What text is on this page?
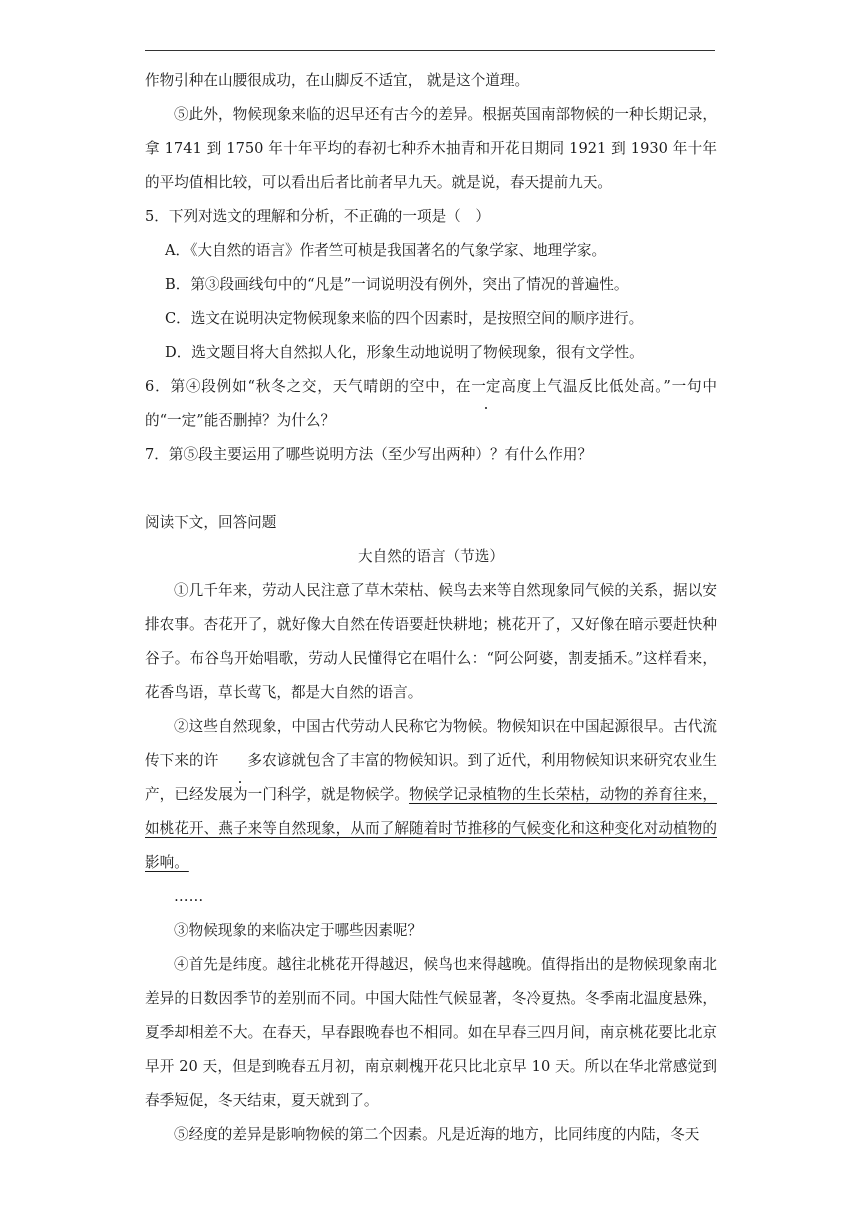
作物引种在山腰很成功，在山脚反不适宜， 就是这个道理。

⑤此外，物候现象来临的迟早还有古今的差异。根据英国南部物候的一种长期记录，拿 1741 到 1750 年十年平均的春初七种乔木抽青和开花日期同 1921 到 1930 年十年的平均值相比较，可以看出后者比前者早九天。就是说，春天提前九天。

5．下列对选文的理解和分析，不正确的一项是（　）

A．《大自然的语言》作者竺可桢是我国著名的气象学家、地理学家。

B．第③段画线句中的“凡是”一词说明没有例外，突出了情况的普遍性。

C．选文在说明决定物候现象来临的四个因素时，是按照空间的顺序进行。

D．选文题目将大自然拟人化，形象生动地说明了物候现象，很有文学性。

6．第④段例如“秋冬之交，天气晴朗的空中，在一定高度上气温反比低处高。”一句中的“一定”能否删掉？为什么？

7．第⑤段主要运用了哪些说明方法（至少写出两种）？有什么作用？

阅读下文，回答问题

大自然的语言（节选）

①几千年来，劳动人民注意了草木荣枯、候鸟去来等自然现象同气候的关系，据以安排农事。杏花开了，就好像大自然在传语要赶快耕地；桃花开了，又好像在暗示要赶快种谷子。布谷鸟开始唱歌，劳动人民懂得它在唱什么：“阿公阿婆，割麦插禾。”这样看来，花香鸟语，草长莺飞，都是大自然的语言。

②这些自然现象，中国古代劳动人民称它为物候。物候知识在中国起源很早。古代流传下来的许 多农谚就包含了丰富的物候知识。到了近代，利用物候知识来研究农业生产，已经发展为一门科学，就是物候学。物候学记录植物的生长荣枯，动物的养育往来，如桃花开、燕子来等自然现象，从而了解随着时节推移的气候变化和这种变化对动植物的影响。

……

③物候现象的来临决定于哪些因素呢？

④首先是纬度。越往北桃花开得越迟，候鸟也来得越晚。值得指出的是物候现象南北差异的日数因季节的差别而不同。中国大陆性气候显著，冬冷夏热。冬季南北温度悬殊，夏季却相差不大。在春天，早春跟晚春也不相同。如在早春三四月间，南京桃花要比北京早开 20 天，但是到晚春五月初，南京刺槐开花只比北京早 10 天。所以在华北常感觉到春季短促，冬天结束，夏天就到了。

⑤经度的差异是影响物候的第二个因素。凡是近海的地方，比同纬度的内陆，冬天
